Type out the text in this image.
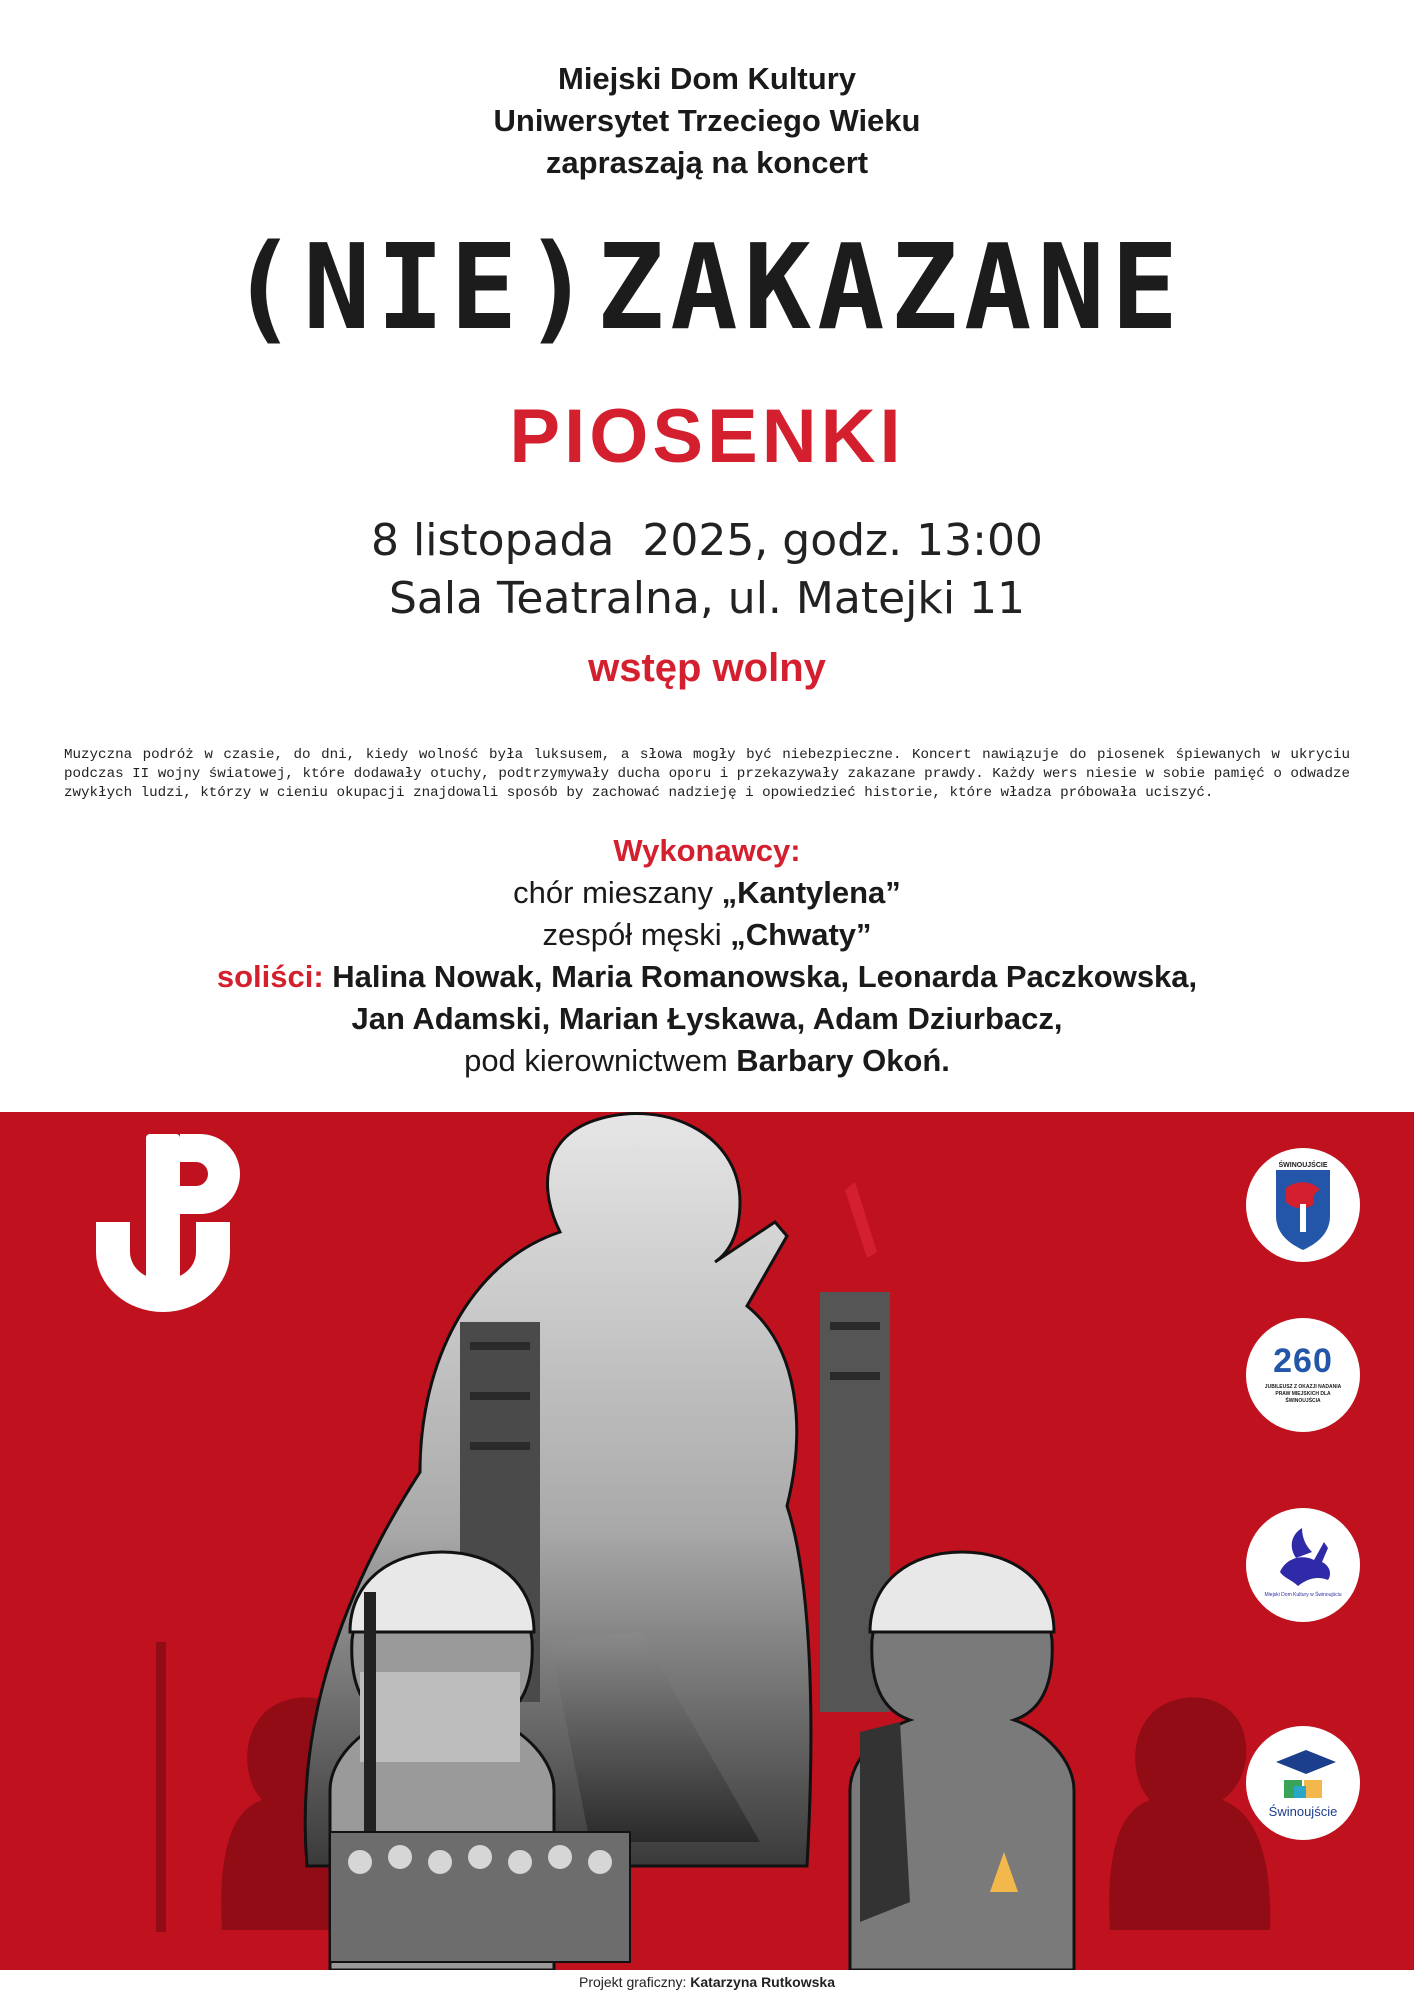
Miejski Dom Kultury
Uniwersytet Trzeciego Wieku
zapraszają na koncert
(NIE)ZAKAZANE
PIOSENKI
8 listopada  2025, godz. 13:00
Sala Teatralna, ul. Matejki 11
wstęp wolny
Muzyczna podróż w czasie, do dni, kiedy wolność była luksusem, a słowa mogły być niebezpieczne. Koncert nawiązuje do piosenek śpiewanych w ukryciu podczas II wojny światowej, które dodawały otuchy, podtrzymywały ducha oporu i przekazywały zakazane prawdy. Każdy wers niesie w sobie pamięć o odwadze zwykłych ludzi, którzy w cieniu okupacji znajdowali sposób by zachować nadzieję i opowiedzieć historie, które władza próbowała uciszyć.
Wykonawcy:
chór mieszany „Kantylena”
zespół męski „Chwaty”
soliści: Halina Nowak, Maria Romanowska, Leonarda Paczkowska,
Jan Adamski, Marian Łyskawa, Adam Dziurbacz,
pod kierownictwem Barbary Okoń.
ŚWINOUJŚCIE
260
JUBILEUSZ Z OKAZJI NADANIA PRAW MIEJSKICH DLA ŚWINOUJŚCIA
Miejski Dom Kultury w Świnoujściu
Świnoujście
Projekt graficzny: Katarzyna Rutkowska
